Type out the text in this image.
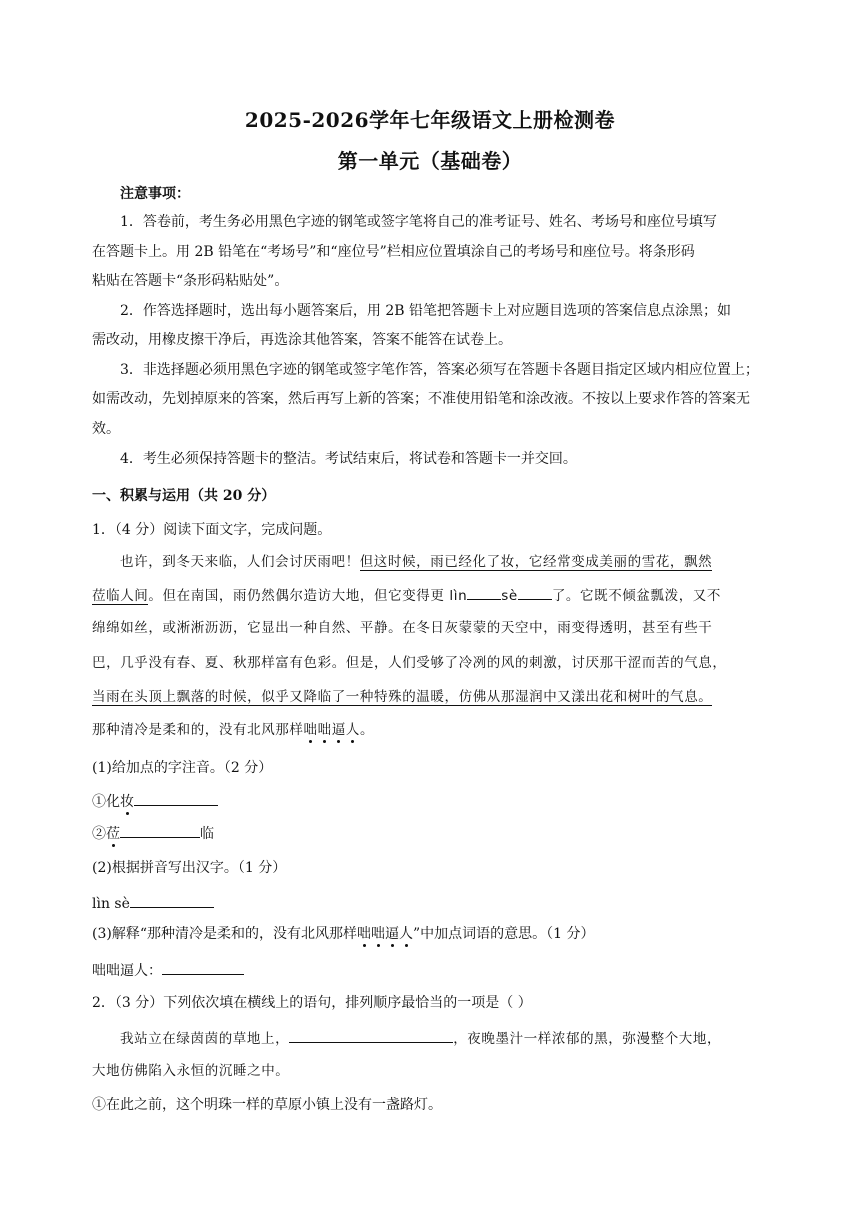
2025-2026学年七年级语文上册检测卷
第一单元（基础卷）
注意事项：
1．答卷前，考生务必用黑色字迹的钢笔或签字笔将自己的准考证号、姓名、考场号和座位号填写
在答题卡上。用 2B 铅笔在“考场号”和“座位号”栏相应位置填涂自己的考场号和座位号。将条形码
粘贴在答题卡“条形码粘贴处”。
2．作答选择题时，选出每小题答案后，用 2B 铅笔把答题卡上对应题目选项的答案信息点涂黑；如
需改动，用橡皮擦干净后，再选涂其他答案，答案不能答在试卷上。
3．非选择题必须用黑色字迹的钢笔或签字笔作答，答案必须写在答题卡各题目指定区域内相应位置上；
如需改动，先划掉原来的答案，然后再写上新的答案；不准使用铅笔和涂改液。不按以上要求作答的答案无
效。
4．考生必须保持答题卡的整洁。考试结束后，将试卷和答题卡一并交回。
一、积累与运用（共 20 分）
1．（4 分）阅读下面文字，完成问题。
也许，到冬天来临，人们会讨厌雨吧！但这时候，雨已经化了妆，它经常变成美丽的雪花，飘然
莅临人间。但在南国，雨仍然偶尔造访大地，但它变得更 lìn	sè	了。它既不倾盆瓢泼，又不
绵绵如丝，或淅淅沥沥，它显出一种自然、平静。在冬日灰蒙蒙的天空中，雨变得透明，甚至有些干
巴，几乎没有春、夏、秋那样富有色彩。但是，人们受够了冷冽的风的刺激，讨厌那干涩而苦的气息，
当雨在头顶上飘落的时候，似乎又降临了一种特殊的温暖，仿佛从那湿润中又漾出花和树叶的气息。
那种清冷是柔和的，没有北风那样咄咄逼人。
(1)给加点的字注音。（2 分）
①化妆
②莅	临
(2)根据拼音写出汉字。（1 分）
lìn sè
(3)解释“那种清冷是柔和的，没有北风那样咄咄逼人”中加点词语的意思。（1 分）
咄咄逼人：
2．（3 分）下列依次填在横线上的语句，排列顺序最恰当的一项是（ ）
我站立在绿茵茵的草地上，	，夜晚墨汁一样浓郁的黑，弥漫整个大地，
大地仿佛陷入永恒的沉睡之中。
①在此之前，这个明珠一样的草原小镇上没有一盏路灯。
